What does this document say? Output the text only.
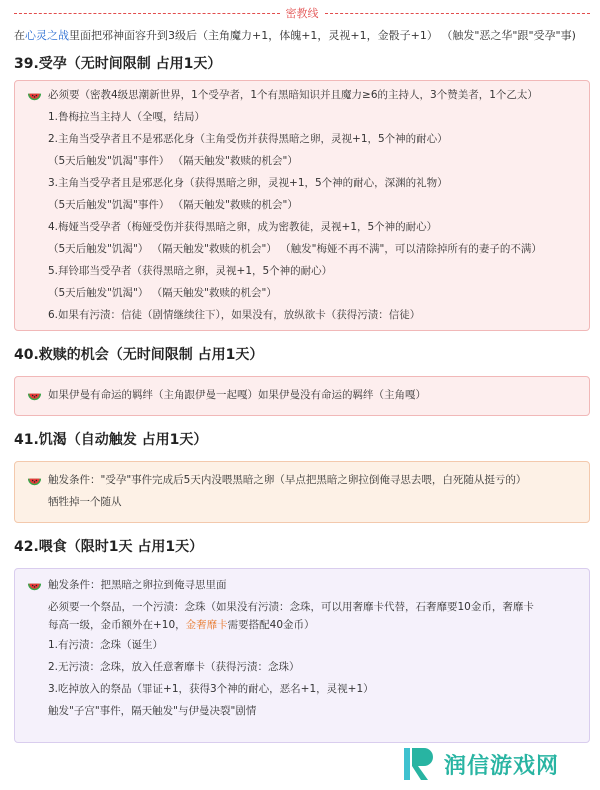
密教线

在心灵之战里面把邪神面容升到3级后（主角魔力+1，体魄+1，灵视+1，金骰子+1） （触发"恶之华"跟"受孕"事)

39.受孕（无时间限制 占用1天）
必须要（密教4级思潮新世界，1个受孕者，1个有黑暗知识并且魔力≥6的主持人，3个赞美者，1个乙太）
1.鲁梅拉当主持人（全嘎，结局）
2.主角当受孕者且不是邪恶化身（主角受伤并获得黑暗之卵，灵视+1，5个神的耐心）
（5天后触发"饥渴"事件） （隔天触发"救赎的机会"）
3.主角当受孕者且是邪恶化身（获得黑暗之卵，灵视+1，5个神的耐心，深渊的礼物）
（5天后触发"饥渴"事件） （隔天触发"救赎的机会"）
4.梅娅当受孕者（梅娅受伤并获得黑暗之卵，成为密教徒，灵视+1，5个神的耐心）
（5天后触发"饥渴"） （隔天触发"救赎的机会"） （触发"梅娅不再不满"，可以清除掉所有的妻子的不满）
5.拜铃耶当受孕者（获得黑暗之卵，灵视+1，5个神的耐心）
（5天后触发"饥渴"） （隔天触发"救赎的机会"）
6.如果有污渍：信徒（剧情继续往下），如果没有，放纵欲卡（获得污渍：信徒）
40.救赎的机会（无时间限制 占用1天）
如果伊曼有命运的羁绊（主角跟伊曼一起嘎）如果伊曼没有命运的羁绊（主角嘎）
41.饥渴（自动触发 占用1天）
触发条件："受孕"事件完成后5天内没喂黑暗之卵（早点把黑暗之卵拉倒俺寻思去喂，白死随从挺亏的）
牺牲掉一个随从
42.喂食（限时1天 占用1天）
触发条件：把黑暗之卵拉到俺寻思里面
必须要一个祭品，一个污渍：念珠（如果没有污渍：念珠，可以用奢靡卡代替，石奢靡要10金币，奢靡卡
每高一级，金币额外在+10，金奢靡卡需要搭配40金币）
1.有污渍：念珠（诞生）
2.无污渍：念珠，放入任意奢靡卡（获得污渍：念珠）
3.吃掉放入的祭品（罪证+1，获得3个神的耐心，恶名+1，灵视+1）
触发"子宫"事件，隔天触发"与伊曼决裂"剧情
润信游戏网
